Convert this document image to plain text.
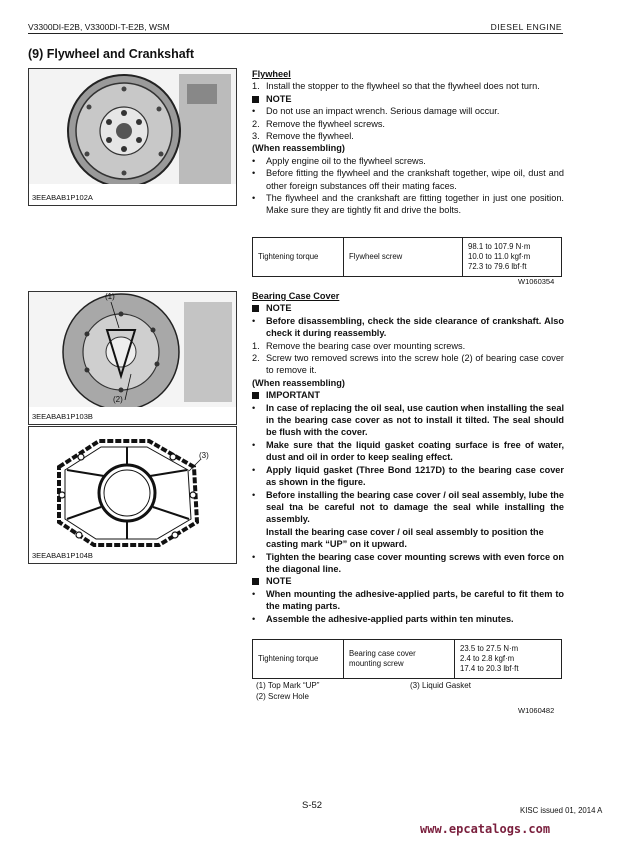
V3300DI-E2B, V3300DI-T-E2B, WSM	DIESEL ENGINE
(9) Flywheel and Crankshaft
3EEABAB1P102A
(1)
(2)
3EEABAB1P103B
(3)
3EEABAB1P104B
Flywheel
1. Install the stopper to the flywheel so that the flywheel does not turn.
NOTE
•	Do not use an impact wrench. Serious damage will occur.
2. Remove the flywheel screws.
3. Remove the flywheel.
(When reassembling)
•	Apply engine oil to the flywheel screws.
•	Before fitting the flywheel and the crankshaft together, wipe oil, dust and other foreign substances off their mating faces.
•	The flywheel and the crankshaft are fitting together in just one position. Make sure they are tightly fit and drive the bolts.
Tightening torque	Flywheel screw	
98.1 to 107.9 N·m
10.0 to 11.0 kgf·m
72.3 to 79.6 lbf·ft
W1060354
Bearing Case Cover
NOTE
•	Before disassembling, check the side clearance of crankshaft. Also check it during reassembly.
1. Remove the bearing case over mounting screws.
2. Screw two removed screws into the screw hole (2) of bearing case cover to remove it.
(When reassembling)
IMPORTANT
•	In case of replacing the oil seal, use caution when installing the seal in the bearing case cover as not to install it tilted. The seal should be flush with the cover.
•	Make sure that the liquid gasket coating surface is free of water, dust and oil in order to keep sealing effect.
•	Apply liquid gasket (Three Bond 1217D) to the bearing case cover as shown in the figure.
•	Before installing the bearing case cover / oil seal assembly, lube the seal tna be careful not to damage the seal while installing the assembly.
Install the bearing case cover / oil seal assembly to position the casting mark “UP” on it upward.
•	Tighten the bearing case cover mounting screws with even force on the diagonal line.
NOTE
•	When mounting the adhesive-applied parts, be careful to fit them to the mating parts.
•	Assemble the adhesive-applied parts within ten minutes.
Tightening torque	Bearing case cover mounting screw	
23.5 to 27.5 N·m
2.4 to 2.8 kgf·m
17.4 to 20.3 lbf·ft
(1) Top Mark “UP”
(2) Screw Hole
(3) Liquid Gasket
W1060482
S-52	KISC issued 01, 2014 A
www.epcatalogs.com
